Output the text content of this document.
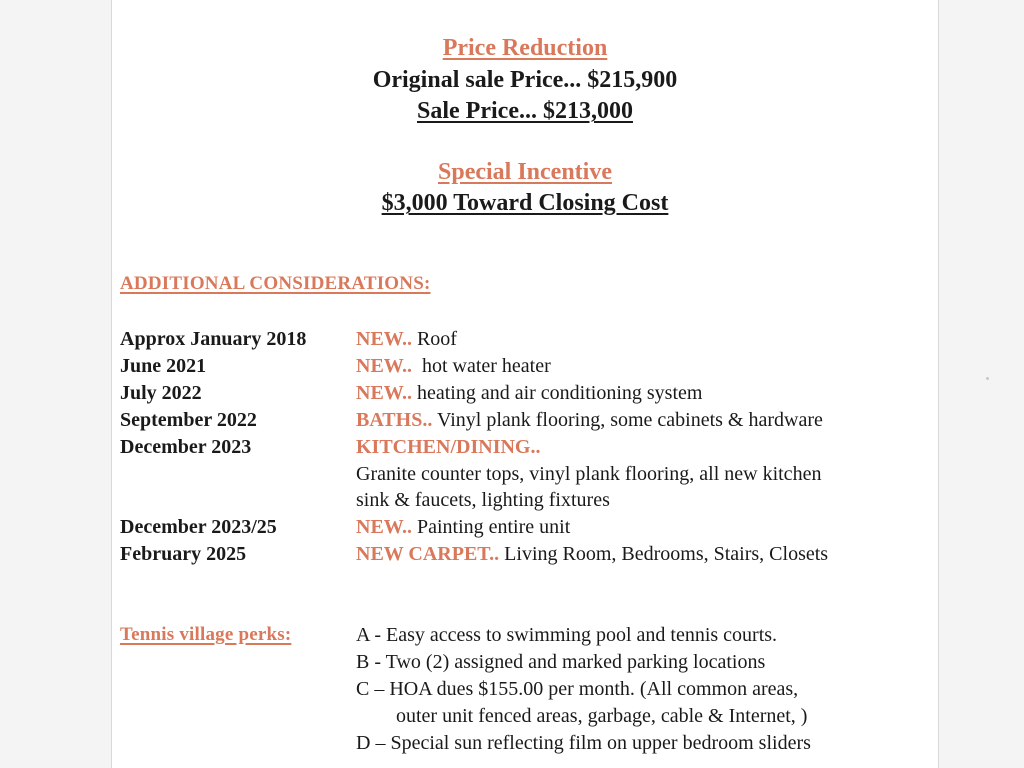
Price Reduction
Original sale Price... $215,900
Sale Price... $213,000
Special Incentive
$3,000 Toward Closing Cost
ADDITIONAL CONSIDERATIONS:
Approx January 2018
June 2021
July 2022
September 2022
December 2023
December 2023/25
February 2025
NEW.. Roof
NEW..  hot water heater
NEW.. heating and air conditioning system
BATHS.. Vinyl plank flooring, some cabinets & hardware
KITCHEN/DINING..
Granite counter tops, vinyl plank flooring, all new kitchen
sink & faucets, lighting fixtures
NEW.. Painting entire unit
NEW CARPET.. Living Room, Bedrooms, Stairs, Closets
Tennis village perks:	A - Easy access to swimming pool and tennis courts.
B - Two (2) assigned and marked parking locations
C – HOA dues $155.00 per month. (All common areas,
outer unit fenced areas, garbage, cable & Internet, )
D – Special sun reflecting film on upper bedroom sliders
